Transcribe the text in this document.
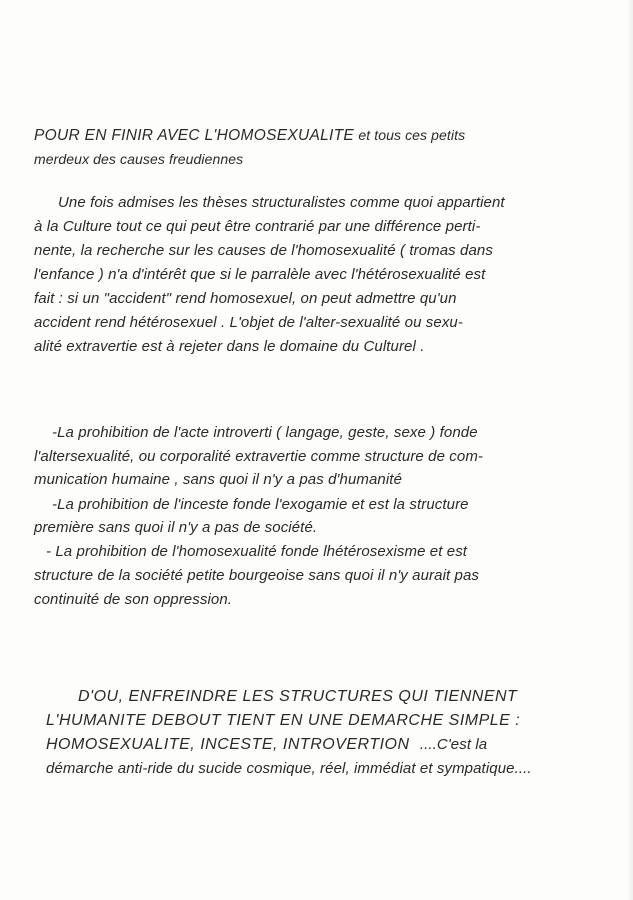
POUR EN FINIR AVEC L'HOMOSEXUALITE et tous ces petits
merdeux des causes freudiennes
Une fois admises les thèses structuralistes comme quoi appartient
à la Culture tout ce qui peut être contrarié par une différence perti-
nente, la recherche sur les causes de l'homosexualité ( tromas dans
l'enfance ) n'a d'intérêt que si le parralèle avec l'hétérosexualité est
fait : si un "accident" rend homosexuel, on peut admettre qu'un
accident rend hétérosexuel . L'objet de l'alter-sexualité ou sexu-
alité extravertie est à rejeter dans le domaine du Culturel .
-La prohibition de l'acte introverti ( langage, geste, sexe ) fonde
l'altersexualité, ou corporalité extravertie comme structure de com-
munication humaine , sans quoi il n'y a pas d'humanité
-La prohibition de l'inceste fonde l'exogamie et est la structure
première sans quoi il n'y a pas de société.
- La prohibition de l'homosexualité fonde lhétérosexisme et est
structure de la société petite bourgeoise sans quoi il n'y aurait pas
continuité de son oppression.
D'OU, ENFREINDRE LES STRUCTURES QUI TIENNENT
L'HUMANITE DEBOUT TIENT EN UNE DEMARCHE SIMPLE :
HOMOSEXUALITE, INCESTE, INTROVERTION ....C'est la
démarche anti-ride du sucide cosmique, réel, immédiat et sympatique....
